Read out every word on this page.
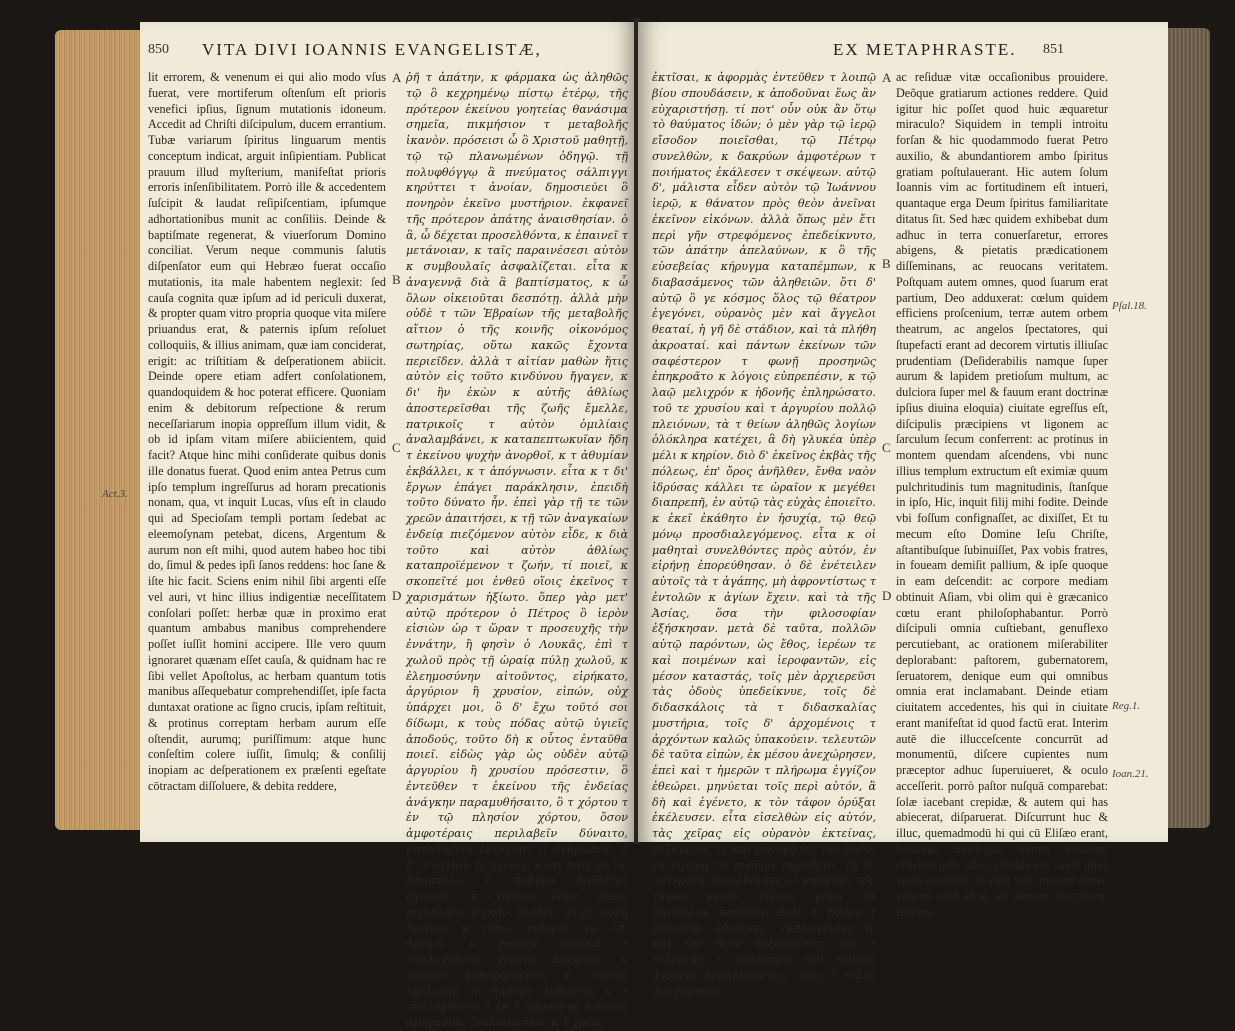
850 VITA DIVI IOANNIS EVANGELISTÆ,
lit errorem, & venenum ei qui alio modo vſus fuerat, vere mortiferum oſtenſum eſt prioris venefici ipſius, ſignum mutationis idoneum. Accedit ad Chriſti diſcipulum, ducem errantium. Tubæ variarum ſpiritus linguarum mentis conceptum indicat, arguit inſipientiam. Publicat prauum illud myſterium, manifeſtat prioris erroris inſenſibilitatem. Porrò ille & accedentem ſuſcipit & laudat reſipiſcentiam, ipſumque adhortationibus munit ac conſiliis. Deinde & baptiſmate regenerat, & viuerſorum Domino conciliat. Verum neque communis ſalutis diſpenſator eum qui Hebræo fuerat occaſio mutationis, ita male habentem neglexit: ſed cauſa cognita quæ ipſum ad id periculi duxerat, & propter quam vitro propria quoque vita miſere priuandus erat, & paternis ipſum reſoluet colloquiis, & illius animam, quæ iam conciderat, erigit: ac triſtitiam & deſperationem abiicit. Deinde opere etiam adfert conſolationem, quandoquidem & hoc poterat efficere. Quoniam enim & debitorum reſpectione & rerum neceſſariarum inopia oppreſſum illum vidit, & ob id ipſam vitam miſere abiicientem, quid facit? Atque hinc mihi conſiderate quibus donis ille donatus fuerat. Quod enim antea Petrus cum ipſo templum ingreſſurus ad horam precationis nonam, qua, vt inquit Lucas, vſus eſt in claudo qui ad Specioſam templi portam ſedebat ac eleemoſynam petebat, dicens, Argentum & aurum non eſt mihi, quod autem habeo hoc tibi do, ſimul & pedes ipſi ſanos reddens: hoc ſane & iſte hic facit. Sciens enim nihil ſibi argenti eſſe vel auri, vt hinc illius indigentiæ neceſſitatem conſolari poſſet: herbæ quæ in proximo erat quantum ambabus manibus comprehendere poſſet iuſſit homini accipere. Ille vero quum ignoraret quænam eſſet cauſa, & quidnam hac re ſibi vellet Apoſtolus, ac herbam quantum totis manibus aſſequebatur comprehendiſſet, ipſe facta duntaxat oratione ac ſigno crucis, ipſam reſtituit, & protinus correptam herbam aurum eſſe oſtendit, aurumq; puriſſimum: atque hunc conſeſtim colere iuſſit, ſimulq; & conſilij inopiam ac deſperationem ex præſenti egeſtate cōtractam diſſoluere, & debita reddere,
A
B
C
D
ῥῆ τ ἀπάτην, κ φάρμακα ὡς ἀληθῶς τῷ ὃ κεχρημένῳ πίστῳ ἐτέρῳ, τῆς πρότερον ἐκείνου γοητείας θανάσιμα σημεῖα, πικμήσιον τ μεταβολῆς ἱκανὸν. πρόσεισι ὦ ὃ Χριστοῦ μαθητῇ, τῷ τῷ πλανωμένων ὁδηγῷ. τῇ πολυφθόγγῳ ἃ πνεύματος σάλπιγγι κηρύττει τ ἀνοίαν, δημοσιεύει ὃ πονηρὸν ἐκεῖνο μυστήριον. ἐκφανεῖ τῆς πρότερον ἀπάτης ἀναισθησίαν. ὁ ἃ, ὦ δέχεται προσελθόντα, κ ἐπαινεῖ τ μετάνοιαν, κ ταῖς παραινέσεσι αὐτὸν κ συμβουλαῖς ἀσφαλίζεται. εἶτα κ ἀναγεννᾷ διὰ ἃ βαπτίσματος, κ ὦ ὅλων οἰκειοῦται δεσπότῃ. ἀλλὰ μὴν οὐδὲ τ τῶν Ἑβραίων τῆς μεταβολῆς αἴτιον ὁ τῆς κοινῆς οἰκονόμος σωτηρίας, οὕτω κακῶς ἔχοντα περιεῖδεν. ἀλλὰ τ αἰτίαν μαθὼν ἥτις αὐτὸν εἰς τοῦτο κινδύνου ἤγαγεν, κ δι' ἣν ἑκὼν κ αὐτῆς ἀθλίως ἀποστερεῖσθαι τῆς ζωῆς ἔμελλε, πατρικοῖς τ αὐτὸν ὁμιλίαις ἀναλαμβάνει, κ καταπεπτωκυῖαν ἤδη τ ἐκείνου ψυχὴν ἀνορθοῖ, κ τ ἀθυμίαν ἐκβάλλει, κ τ ἀπόγνωσιν. εἶτα κ τ δι' ἔργων ἐπάγει παράκλησιν, ἐπειδὴ τοῦτο δύνατο ἦν. ἐπεὶ γὰρ τῇ τε τῶν χρεῶν ἀπαιτήσει, κ τῇ τῶν ἀναγκαίων ἐνδείᾳ πιεζόμενον αὐτὸν εἶδε, κ διὰ τοῦτο καὶ αὐτὸν ἀθλίως καταπροϊέμενον τ ζωήν, τί ποιεῖ, κ σκοπεῖτέ μοι ἐνθεῦ οἵοις ἐκεῖνος τ χαρισμάτων ἠξίωτο. ὅπερ γὰρ μετ' αὐτῷ πρότερον ὁ Πέτρος ὃ ἱερὸν εἰσιὼν ὡρ τ ὥραν τ προσευχῆς τὴν ἐννάτην, ἢ φησὶν ὁ Λουκᾶς, ἐπὶ τ χωλοῦ πρὸς τῇ ὡραίᾳ πύλῃ χωλοῦ, κ ἐλεημοσύνην αἰτοῦντος, εἰρήκατο, ἀργύριον ἢ χρυσίον, εἰπών, οὐχ ὑπάρχει μοι, ὃ δ' ἔχω τοῦτό σοι δίδωμι, κ τοὺς πόδας αὐτῷ ὑγιεῖς ἀποδούς, τοῦτο δὴ κ οὗτος ἐνταῦθα ποιεῖ. εἰδὼς γὰρ ὡς οὐδὲν αὐτῷ ἀργυρίου ἢ χρυσίου πρόσεστιν, ὃ ἐντεῦθεν τ ἐκείνου τῆς ἐνδείας ἀνάγκην παραμυθήσαιτο, ὃ τ χόρτου τ ἐν τῷ πλησίον χόρτου, ὅσον ἀμφοτέραις περιλαβεῖν δύναιτο, καταλαβεῖν ἐκέλευσε ὃ ἄνθρωπον. ὁ δ', τ αἰτίαν τε ἠγνόει, κ ὅτι ποτὲ ἐν τῷ Ἀποστόλῳ ὃ πρᾶγμα βούλεται ἀγνοεῖν, κ χόρτου ὅσον ὅλαις περιέλαβε χερσὶν ἔλαβεν, εὐχῇ μόνῃ ἐκεῖνος κ τύπῳ σταυροῦ τῷ ἐπ' ἀμελεῖ, κ χρυσὸν αὐτίκα τ συλλεχθέντα χόρτον ἀπέφηνε, κ χρυσὸν καθαρώτατον. κ τοῦτον ἐκέλευσε τὸ θάρσος λαβόντα, κ τ συλλεχθέντα τ ἐκ τ παρούσης ἐνδείας ἀμηχανίας διαλύσασθαι, κ τ χρέα.
EX METAPHRASTE. 851
ἐκτῖσαι, κ ἀφορμὰς ἐντεῦθεν τ λοιπῷ βίου σπουδάσειν, κ ἀποδοῦναι ἕως ἂν εὐχαριστήσῃ. τί ποτ' οὖν οὐκ ἂν ὅτῳ τὸ θαύματος ἰδών; ὁ μὲν γὰρ τῷ ἱερῷ εἴσοδον ποιεῖσθαι, τῷ Πέτρῳ συνελθὼν, κ δακρύων ἀμφοτέρων τ ποιήματος ἐκάλεσεν τ σκέψεων. αὐτῷ δ', μάλιστα εἶδεν αὐτὸν τῷ Ἰωάννου ἱερῷ, κ θάνατον πρὸς θεὸν ἀνεῖναι ἐκεῖνον εἰκόνων. ἀλλὰ ὅπως μὲν ἔτι περὶ γῆν στρεφόμενος ἐπεδείκνυτο, τῶν ἀπάτην ἀπελαύνων, κ ὃ τῆς εὐσεβείας κήρυγμα καταπέμπων, κ διαβασάμενος τῶν ἀληθειῶν. ὅτι δ' αὐτῷ ὃ γε κόσμος ὅλος τῷ θέατρον ἐγεγόνει, οὐρανὸς μὲν καὶ ἄγγελοι θεαταί, ἡ γῆ δὲ στάδιον, καὶ τὰ πλήθη ἀκροαταί. καὶ πάντων ἐκείνων τῶν σαφέστερον τ φωνῇ προσηνῶς ἐπηκροᾶτο κ λόγοις εὐπρεπέσιν, κ τῷ λαῷ μελιχρόν κ ἡδονῆς ἐπληρώσατο. τοῦ τε χρυσίου καὶ τ ἀργυρίου πολλῷ πλειόνων, τὰ τ θείων ἀληθῶς λογίων ὁλόκληρα κατέχει, ἃ δὴ γλυκέα ὑπὲρ μέλι κ κηρίον. διὸ δ' ἐκεῖνος ἐκβὰς τῆς πόλεως, ἐπ' ὄρος ἀνῆλθεν, ἔνθα ναὸν ἱδρύσας κάλλει τε ὡραῖον κ μεγέθει διαπρεπῆ, ἐν αὐτῷ τὰς εὐχὰς ἐποιεῖτο. κ ἐκεῖ ἐκάθητο ἐν ἡσυχίᾳ, τῷ θεῷ μόνῳ προσδιαλεγόμενος. εἶτα κ οἱ μαθηταὶ συνελθόντες πρὸς αὐτόν, ἐν εἰρήνῃ ἐπορεύθησαν. ὁ δὲ ἐνέτειλεν αὐτοῖς τὰ τ ἀγάπης, μὴ ἀφροντίστως τ ἐντολῶν κ ἁγίων ἔχειν. καὶ τὰ τῆς Ἀσίας, ὅσα τὴν φιλοσοφίαν ἐξήσκησαν. μετὰ δὲ ταῦτα, πολλῶν αὐτῷ παρόντων, ὡς ἔθος, ἱερέων τε καὶ ποιμένων καὶ ἱεροφαντῶν, εἰς μέσον καταστάς, τοῖς μὲν ἀρχιερεῦσι τὰς ὁδοὺς ὑπεδείκνυε, τοῖς δὲ διδασκάλοις τὰ τ διδασκαλίας μυστήρια, τοῖς δ' ἀρχομένοις τ ἀρχόντων καλῶς ὑπακούειν. τελευτῶν δὲ ταῦτα εἰπὼν, ἐκ μέσου ἀνεχώρησεν, ἐπεὶ καὶ τ ἡμερῶν τ πλήρωμα ἐγγίζον ἐθεώρει. μηνύεται τοῖς περὶ αὐτόν, ἃ δὴ καὶ ἐγένετο, κ τὸν τάφον ὀρύξαι ἐκέλευσεν. εἶτα εἰσελθὼν εἰς αὐτόν, τὰς χεῖρας εἰς οὐρανὸν ἐκτείνας, εὐξάμενος τε καὶ εὐλογήσας τὸν λαόν, ἐν εἰρήνῃ τὸ πνεῦμα παρέθετο. τῇ δὲ ὑστεραίᾳ συνελθόντες οἱ μαθηταί, τὸν τάφον κενὸν εὗρον, μόνα τὰ σανδάλια, καθάπερ ποτὲ τ Ἠλίου τ μηλωτήν, εὑρόντες, ἐκπλαγέντες τε καὶ τὸν θεὸν δοξάσαντες, καὶ τ τελευτῆς τ μακαρίου τὸν τρόπον ἀγνοεῖν ὁμολογοῦντες, πρὸς ὃ τέλος ἀνεχώρησαν.
A
B
C
D
ac reſiduæ vitæ occaſionibus prouidere. Deõque gratiarum actiones reddere. Quid igitur hic poſſet quod huic æquaretur miraculo? Siquidem in templi introitu forſan & hic quodammodo fuerat Petro auxilio, & abundantiorem ambo ſpiritus gratiam poſtulauerant. Hic autem ſolum Ioannis vim ac fortitudinem eſt intueri, quantaque erga Deum ſpiritus familiaritate ditatus ſit. Sed hæc quidem exhibebat dum adhuc in terra conuerſaretur, errores abigens, & pietatis prædicationem diſſeminans, ac reuocans veritatem. Poſtquam autem omnes, quod ſuarum erat partium, Deo adduxerat: cœlum quidem efficiens proſcenium, terræ autem orbem theatrum, ac angelos ſpectatores, qui ſtupefacti erant ad decorem virtutis illiuſac prudentiam (Deſiderabilis namque ſuper aurum & lapidem pretioſum multum, ac dulciora ſuper mel & fauum erant doctrinæ ipſius diuina eloquia) ciuitate egreſſus eſt, diſcipulis præcipiens vt ligonem ac ſarculum ſecum conferrent: ac protinus in montem quendam aſcendens, vbi nunc illius templum extructum eſt eximiæ quum pulchritudinis tum magnitudinis, ſtanſque in ipſo, Hic, inquit filij mihi fodite. Deinde vbi foſſum confignaſſet, ac dixiſſet, Et tu mecum eſto Domine Ieſu Chriſte, aſtantibuſque ſubinuiſſet, Pax vobis fratres, in foueam demiſit pallium, & ipſe quoque in eam deſcendit: ac corpore mediam obtinuit Aſiam, vbi olim qui è græcanico cœtu erant philoſophabantur. Porrò diſcipuli omnia cuſtiebant, genuflexo percutiebant, ac orationem miſerabiliter deplorabant: paſtorem, gubernatorem, ſeruatorem, denique eum qui omnibus omnia erat inclamabant. Deinde etiam ciuitatem accedentes, his qui in ciuitate erant manifeſtat id quod factū erat. Interim autē die illucceſcente concurrūt ad monumentū, diſcere cupientes num præceptor adhuc ſuperuiueret, & oculo acceſſerit. porrò paſtor nuſquā comparebat: ſolæ iacebant crepidæ, & autem qui has abiecerat, diſparuerat. Diſcurrunt huc & illuc, quemadmodū hi qui cū Eliſæo erant, ſcrutātur, inueſtigāt: verum incaſſum efficitur ipſis labor. Deinde vix tandē illius vocis recordati, Si eum volo manere donec veniam quid ad te, ad mentem alacriorem redeunt.
Pſal.18.
Reg.1.
Ioan.21.
Act.3.
